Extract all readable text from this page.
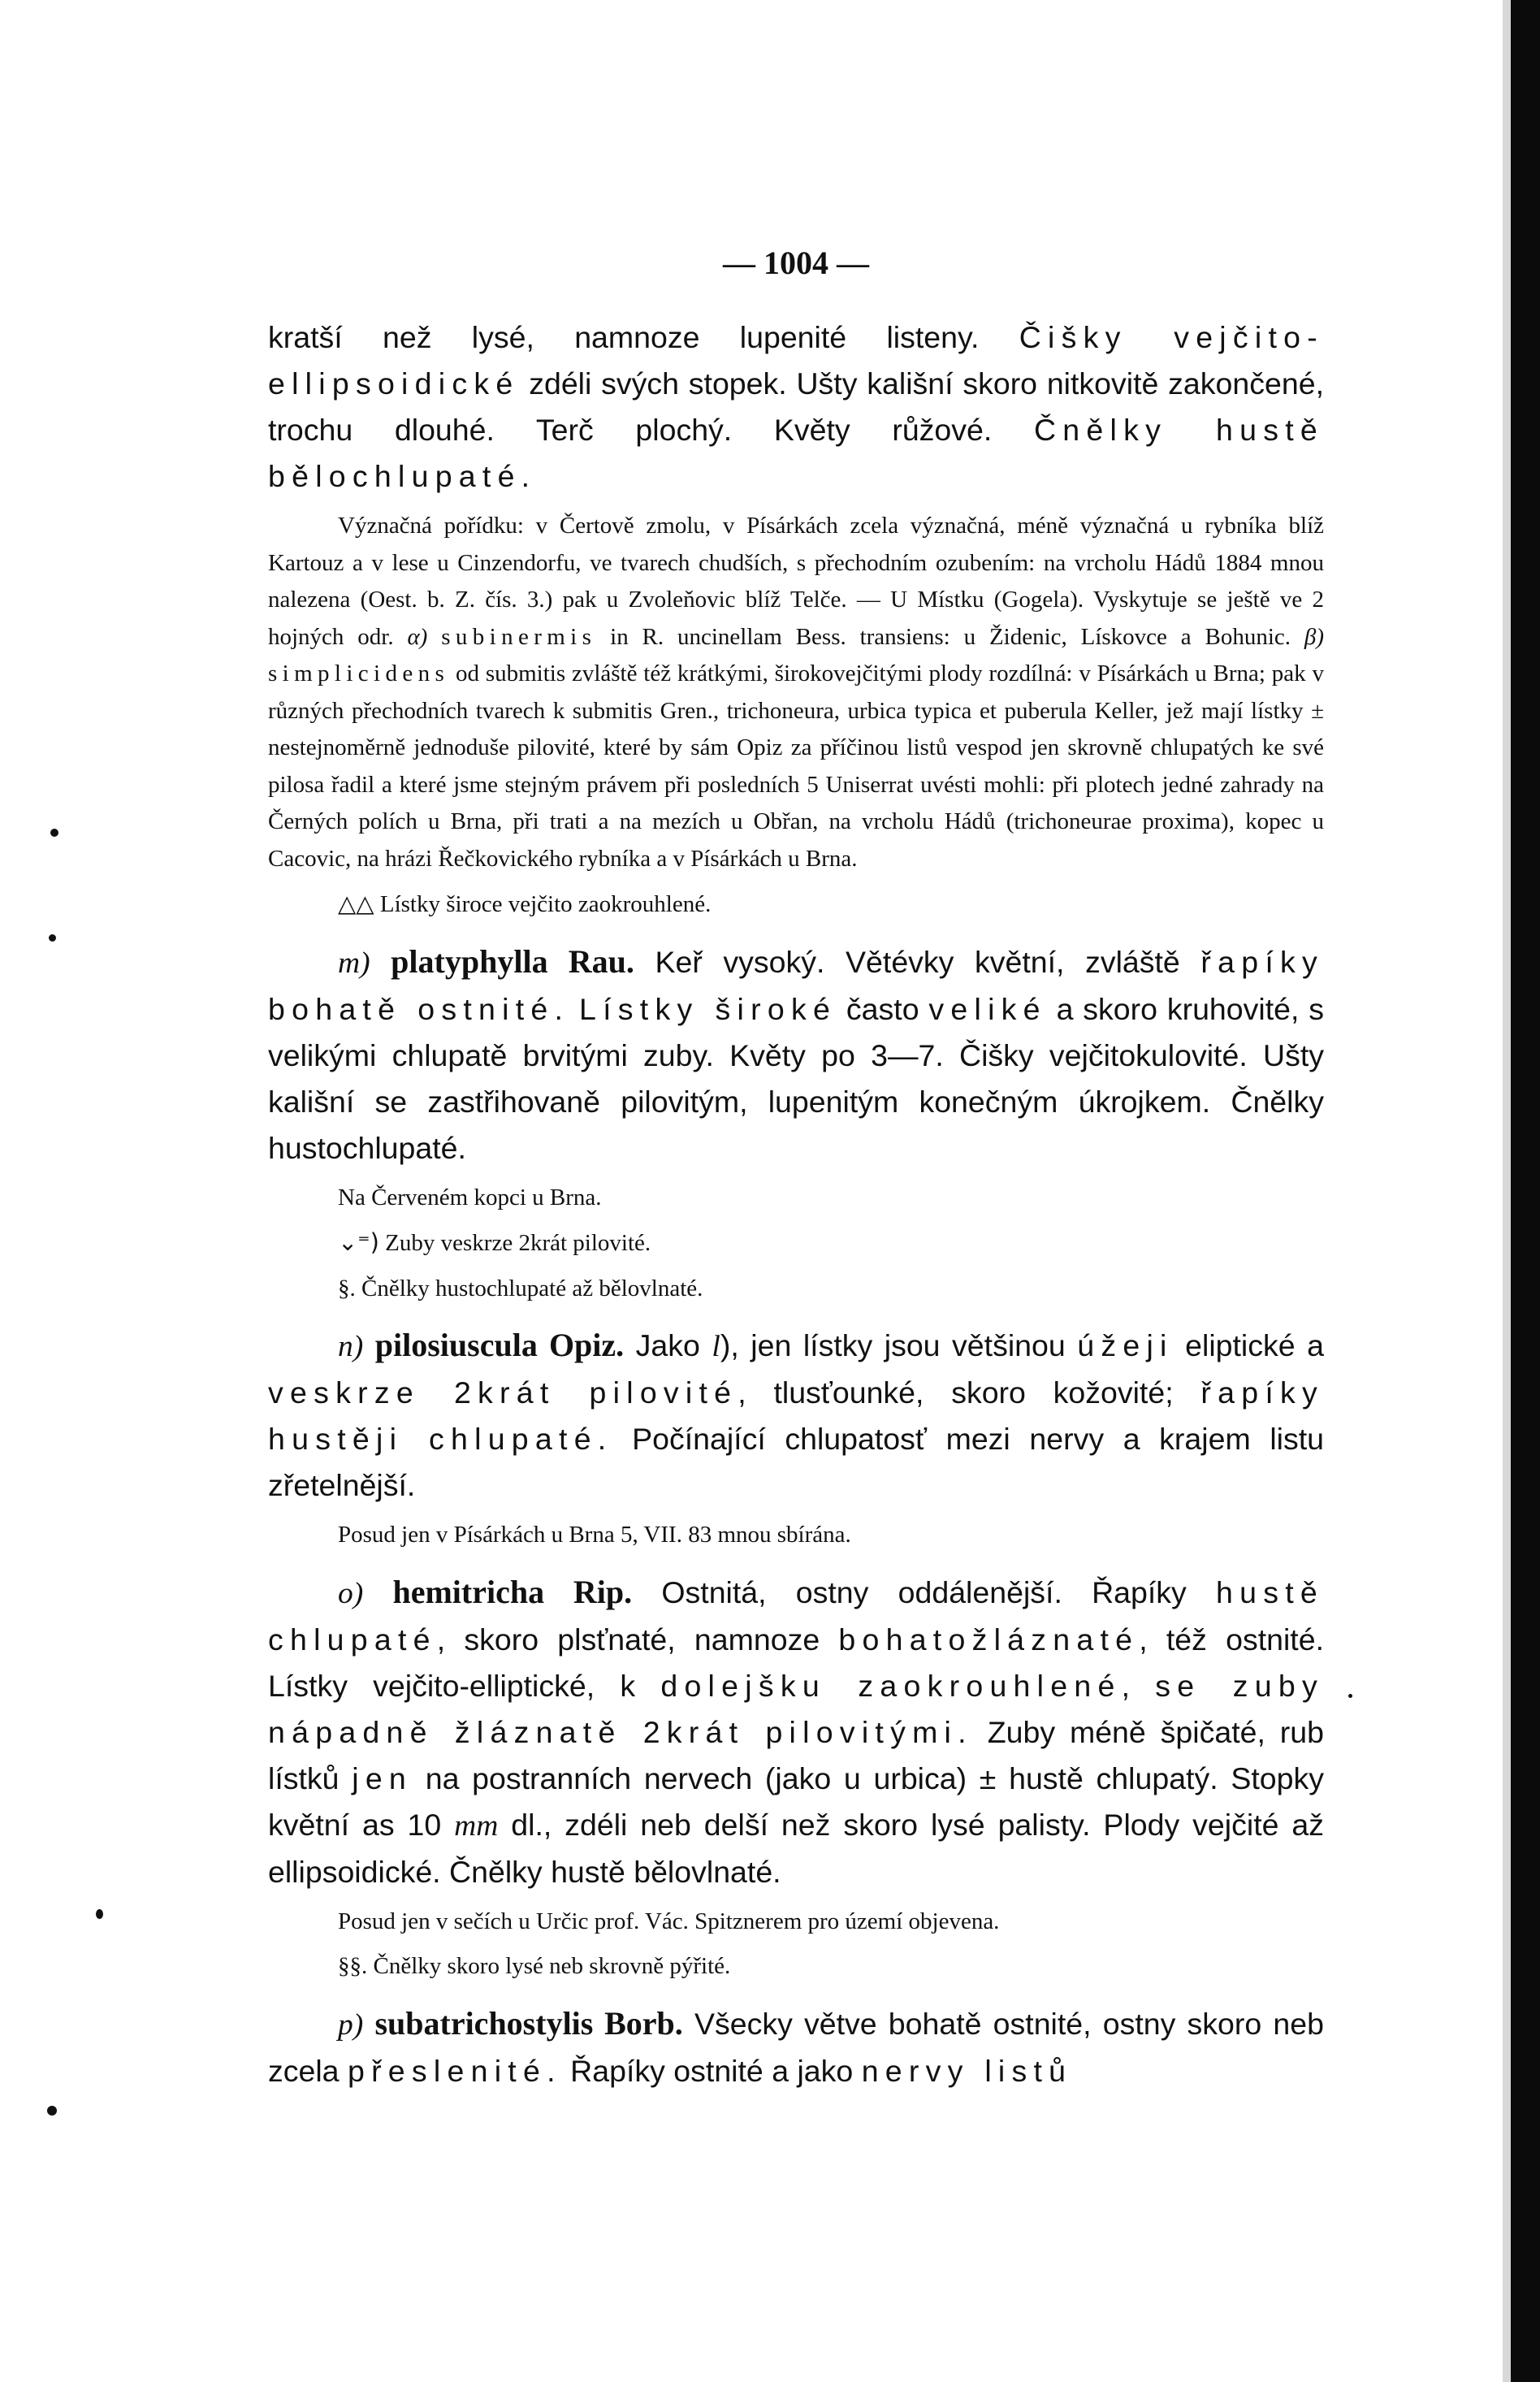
— 1004 —

kratší než lysé, namnoze lupenité listeny. Čišky vejčito-ellipsoidické zdéli svých stopek. Ušty kališní skoro nitkovitě zakončené, trochu dlouhé. Terč plochý. Květy růžové. Čnělky hustě bělochlupaté.

Význačná pořídku: v Čertově zmolu, v Písárkách zcela význačná, méně význačná u rybníka blíž Kartouz a v lese u Cinzendorfu, ve tvarech chudších, s přechodním ozubením: na vrcholu Hádů 1884 mnou nalezena (Oest. b. Z. čís. 3.) pak u Zvoleňovic blíž Telče. — U Místku (Gogela). Vyskytuje se ještě ve 2 hojných odr. α) subinermis in R. uncinellam Bess. transiens: u Židenic, Lískovce a Bohunic. β) simplicidens od submitis zvláště též krátkými, širokovejčitými plody rozdílná: v Písárkách u Brna; pak v různých přechodních tvarech k submitis Gren., trichoneura, urbica typica et puberula Keller, jež mají lístky ± nestejnoměrně jednoduše pilovité, které by sám Opiz za příčinou listů vespod jen skrovně chlupatých ke své pilosa řadil a které jsme stejným právem při posledních 5 Uniserrat uvésti mohli: při plotech jedné zahrady na Černých polích u Brna, při trati a na mezích u Obřan, na vrcholu Hádů (trichoneurae proxima), kopec u Cacovic, na hrázi Řečkovického rybníka a v Písárkách u Brna.

△△ Lístky široce vejčito zaokrouhlené.

m) platyphylla Rau. Keř vysoký. Větévky květní, zvláště řapíky bohatě ostnité. Lístky široké často veliké a skoro kruhovité, s velikými chlupatě brvitými zuby. Květy po 3—7. Čišky vejčitokulovité. Ušty kališní se zastřihovaně pilovitým, lupenitým konečným úkrojkem. Čnělky hustochlupaté.

Na Červeném kopci u Brna.

⌄⁼) Zuby veskrze 2krát pilovité.

§. Čnělky hustochlupaté až bělovlnaté.

n) pilosiuscula Opiz. Jako l), jen lístky jsou většinou úžeji eliptické a veskrze 2krát pilovité, tlusťounké, skoro kožovité; řapíky hustěji chlupaté. Počínající chlupatosť mezi nervy a krajem listu zřetelnější.

Posud jen v Písárkách u Brna 5, VII. 83 mnou sbírána.

o) hemitricha Rip. Ostnitá, ostny oddálenější. Řapíky hustě chlupaté, skoro plsťnaté, namnoze bohatožláznaté, též ostnité. Lístky vejčito-elliptické, k dolejšku zaokrouhlené, se zuby nápadně žláznatě 2krát pilovitými. Zuby méně špičaté, rub lístků jen na postranních nervech (jako u urbica) ± hustě chlupatý. Stopky květní as 10 mm dl., zdéli neb delší než skoro lysé palisty. Plody vejčité až ellipsoidické. Čnělky hustě bělovlnaté.

Posud jen v sečích u Určic prof. Vác. Spitznerem pro území objevena.

§§. Čnělky skoro lysé neb skrovně pýřité.

p) subatrichostylis Borb. Všecky větve bohatě ostnité, ostny skoro neb zcela přeslenité. Řapíky ostnité a jako nervy listů
